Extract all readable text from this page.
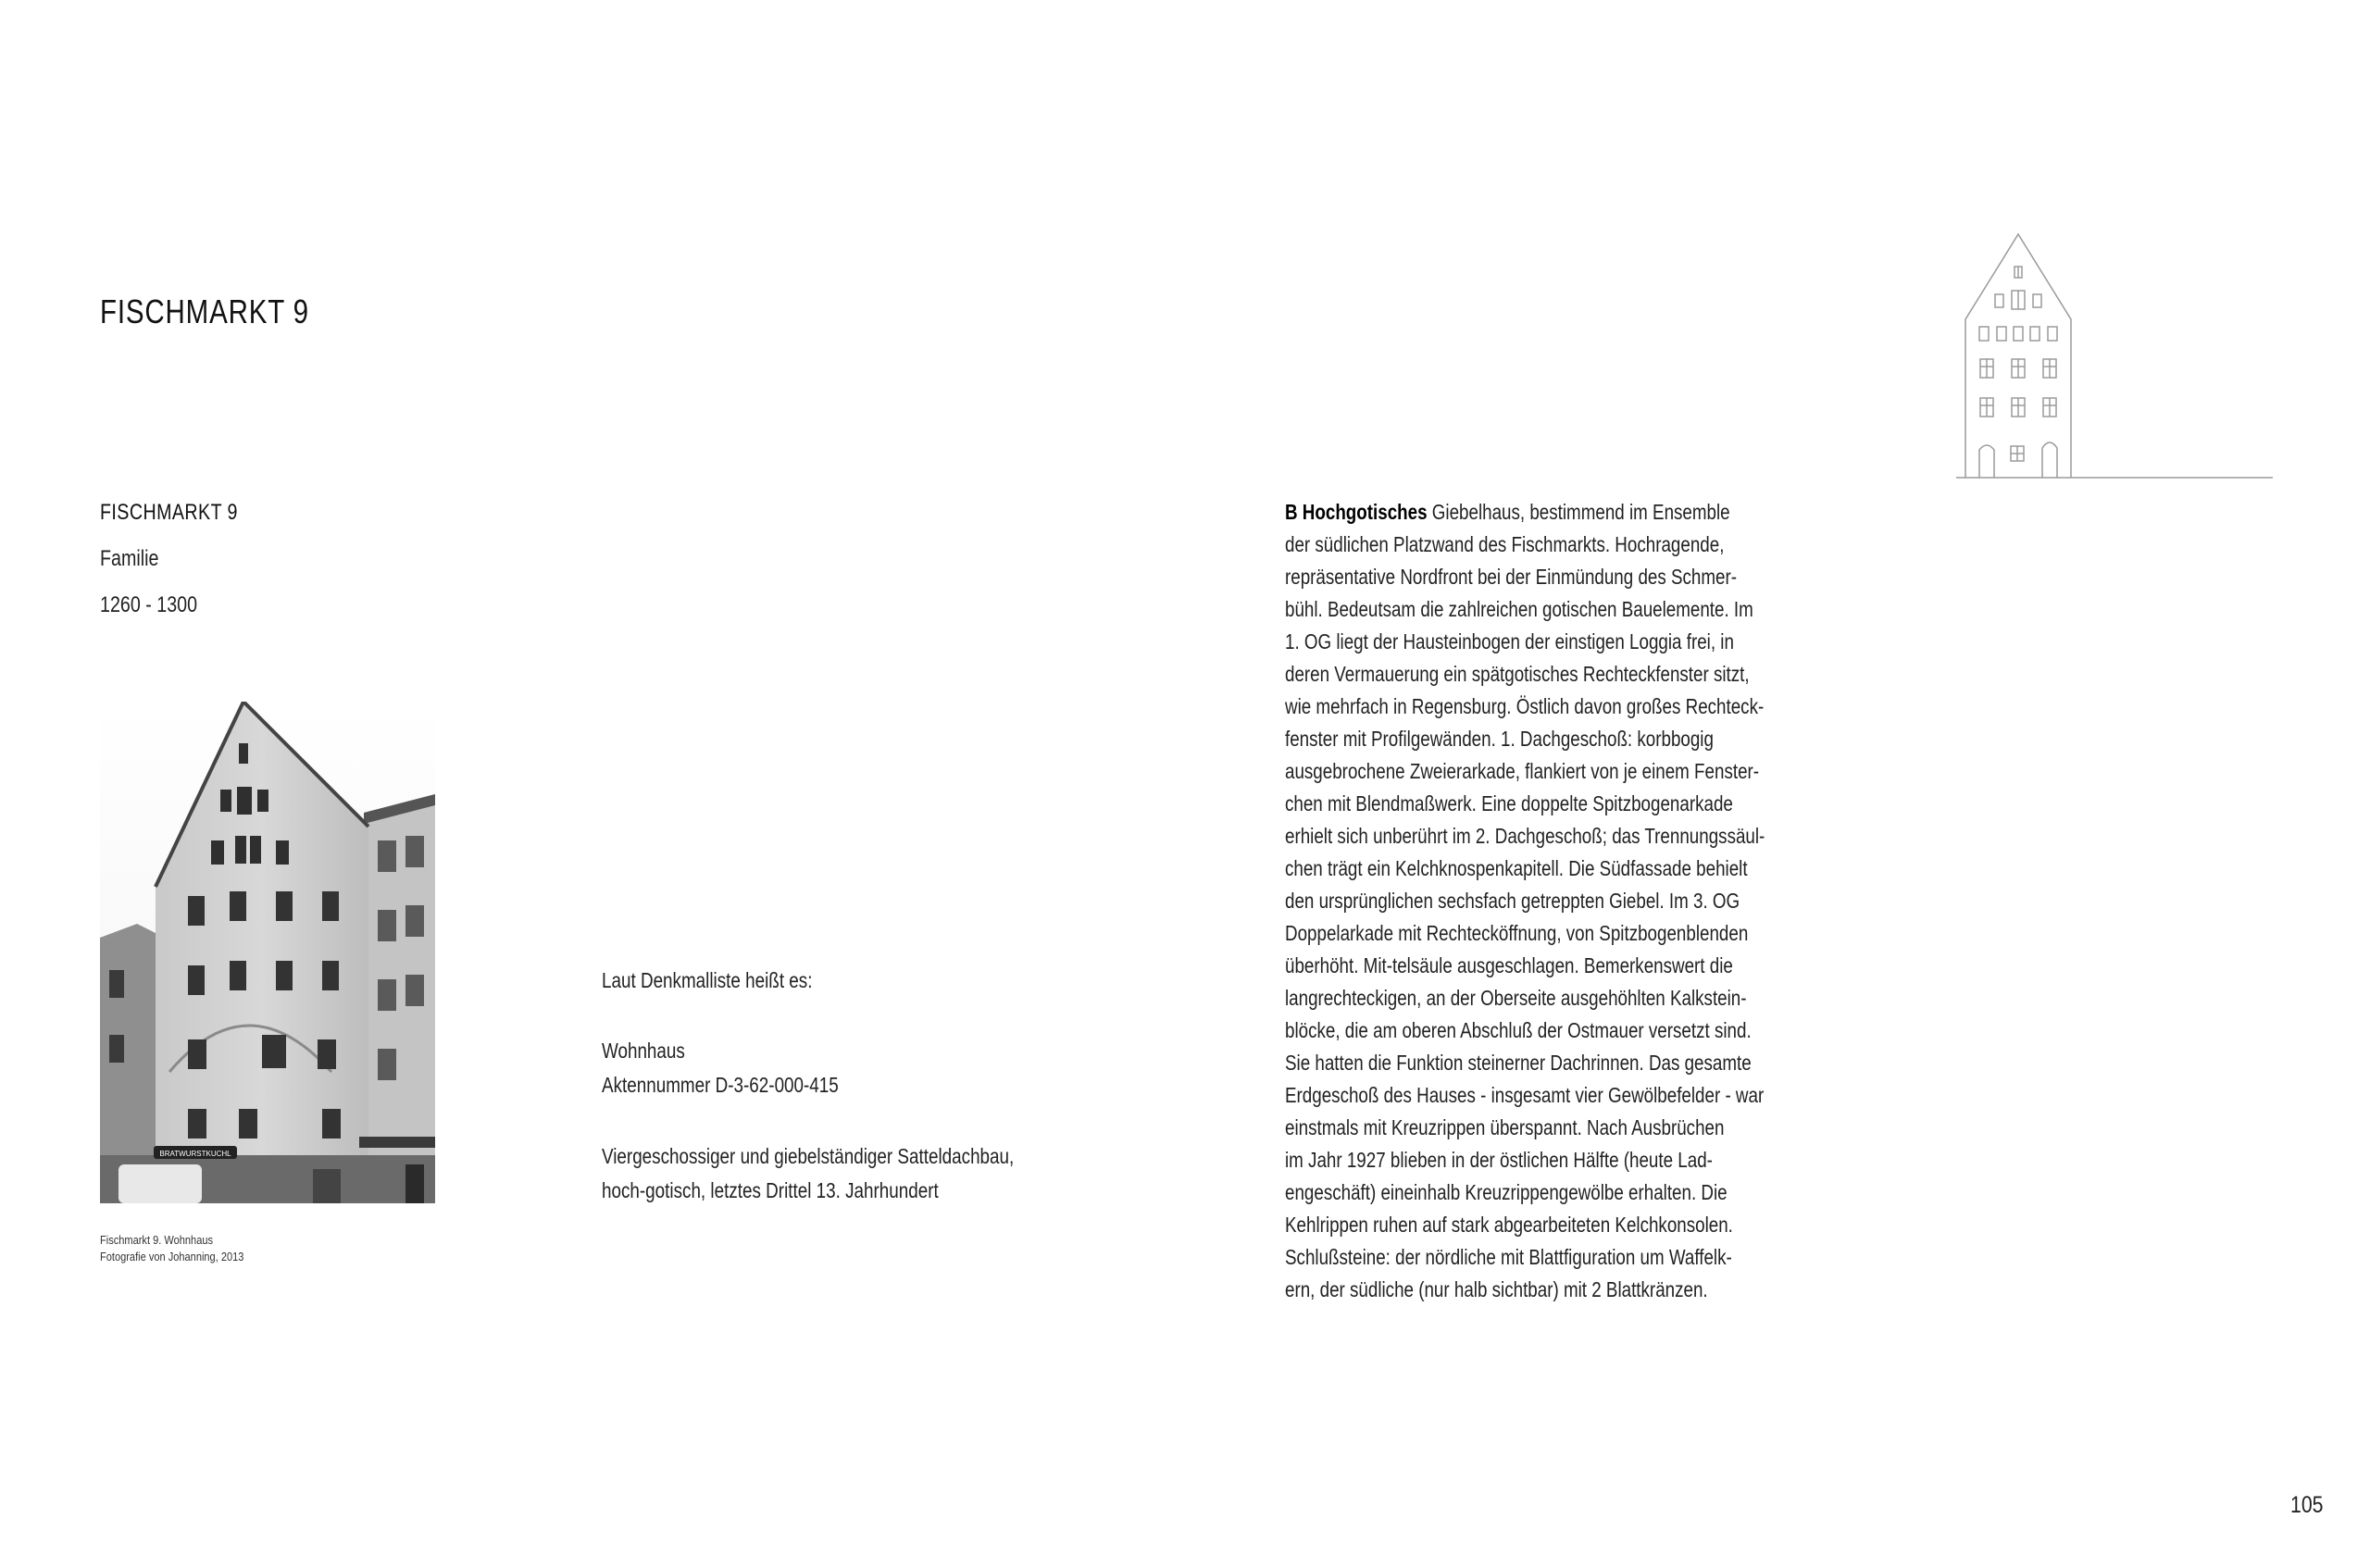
FISCHMARKT 9
FISCHMARKT 9
Familie
1260 - 1300
BRATWURSTKUCHL
Fischmarkt 9. Wohnhaus
Fotografie von Johanning, 2013
Laut Denkmalliste heißt es:
Wohnhaus
Aktennummer D-3-62-000-415
Viergeschossiger und giebelständiger Satteldachbau,
hoch-gotisch, letztes Drittel 13. Jahrhundert
B Hochgotisches Giebelhaus, bestimmend im Ensemble
der südlichen Platzwand des Fischmarkts. Hochragende,
repräsentative Nordfront bei der Einmündung des Schmer-
bühl. Bedeutsam die zahlreichen gotischen Bauelemente. Im
1. OG liegt der Hausteinbogen der einstigen Loggia frei, in
deren Vermauerung ein spätgotisches Rechteckfenster sitzt,
wie mehrfach in Regensburg. Östlich davon großes Rechteck-
fenster mit Profilgewänden. 1. Dachgeschoß: korbbogig
ausgebrochene Zweierarkade, flankiert von je einem Fenster-
chen mit Blendmaßwerk. Eine doppelte Spitzbogenarkade
erhielt sich unberührt im 2. Dachgeschoß; das Trennungssäul-
chen trägt ein Kelchknospenkapitell. Die Südfassade behielt
den ursprünglichen sechsfach getreppten Giebel. Im 3. OG
Doppelarkade mit Rechtecköffnung, von Spitzbogenblenden
überhöht. Mit-telsäule ausgeschlagen. Bemerkenswert die
langrechteckigen, an der Oberseite ausgehöhlten Kalkstein-
blöcke, die am oberen Abschluß der Ostmauer versetzt sind.
Sie hatten die Funktion steinerner Dachrinnen. Das gesamte
Erdgeschoß des Hauses - insgesamt vier Gewölbefelder - war
einstmals mit Kreuzrippen überspannt. Nach Ausbrüchen
im Jahr 1927 blieben in der östlichen Hälfte (heute Lad-
engeschäft) eineinhalb Kreuzrippengewölbe erhalten. Die
Kehlrippen ruhen auf stark abgearbeiteten Kelchkonsolen.
Schlußsteine: der nördliche mit Blattfiguration um Waffelk-
ern, der südliche (nur halb sichtbar) mit 2 Blattkränzen.
105
